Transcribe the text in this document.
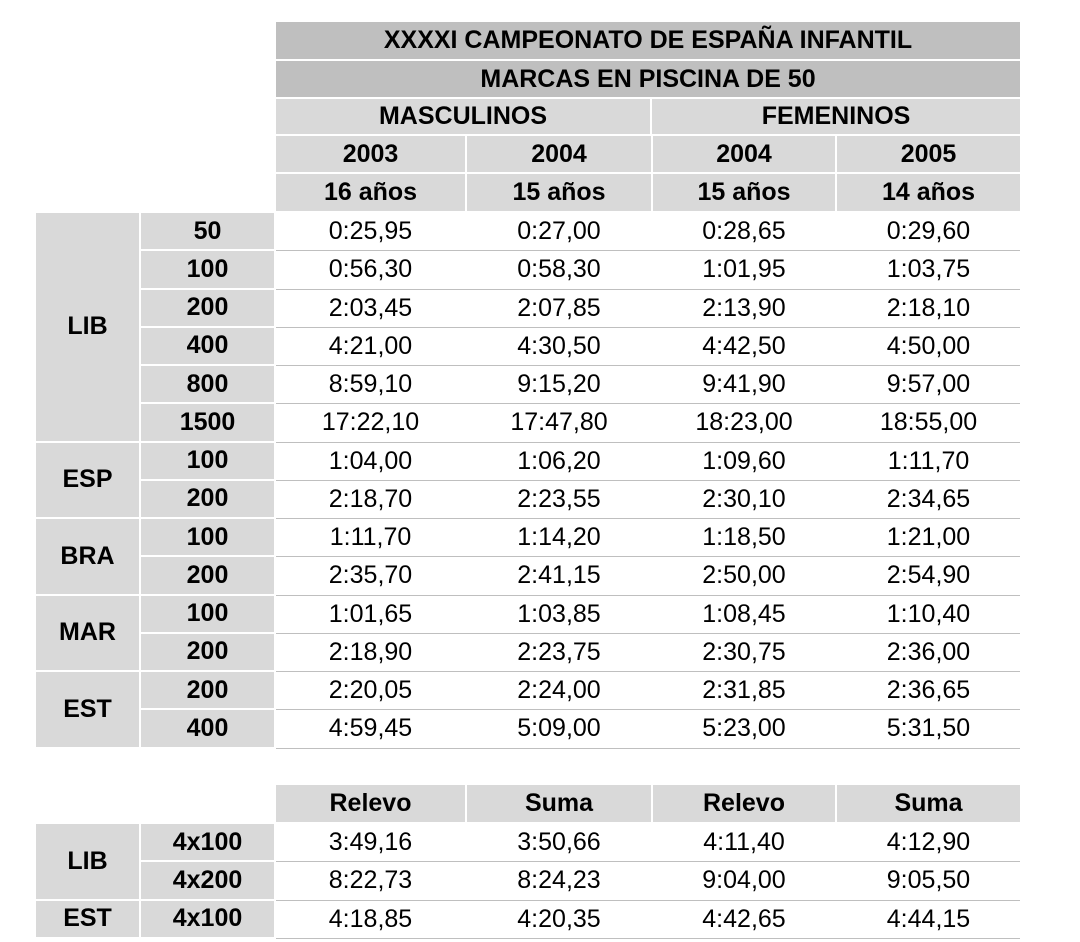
XXXXI CAMPEONATO DE ESPAÑA INFANTIL
MARCAS EN PISCINA DE 50
MASCULINOS	FEMENINOS
2003	2004	2004	2005
16 años	15 años	15 años	14 años
LIB
50	0:25,95	0:27,00	0:28,65	0:29,60
100	0:56,30	0:58,30	1:01,95	1:03,75
200	2:03,45	2:07,85	2:13,90	2:18,10
400	4:21,00	4:30,50	4:42,50	4:50,00
800	8:59,10	9:15,20	9:41,90	9:57,00
1500	17:22,10	17:47,80	18:23,00	18:55,00
ESP
100	1:04,00	1:06,20	1:09,60	1:11,70
200	2:18,70	2:23,55	2:30,10	2:34,65
BRA
100	1:11,70	1:14,20	1:18,50	1:21,00
200	2:35,70	2:41,15	2:50,00	2:54,90
MAR
100	1:01,65	1:03,85	1:08,45	1:10,40
200	2:18,90	2:23,75	2:30,75	2:36,00
EST
200	2:20,05	2:24,00	2:31,85	2:36,65
400	4:59,45	5:09,00	5:23,00	5:31,50
Relevo	Suma	Relevo	Suma
LIB
4x100	3:49,16	3:50,66	4:11,40	4:12,90
4x200	8:22,73	8:24,23	9:04,00	9:05,50
EST	4x100	4:18,85	4:20,35	4:42,65	4:44,15
